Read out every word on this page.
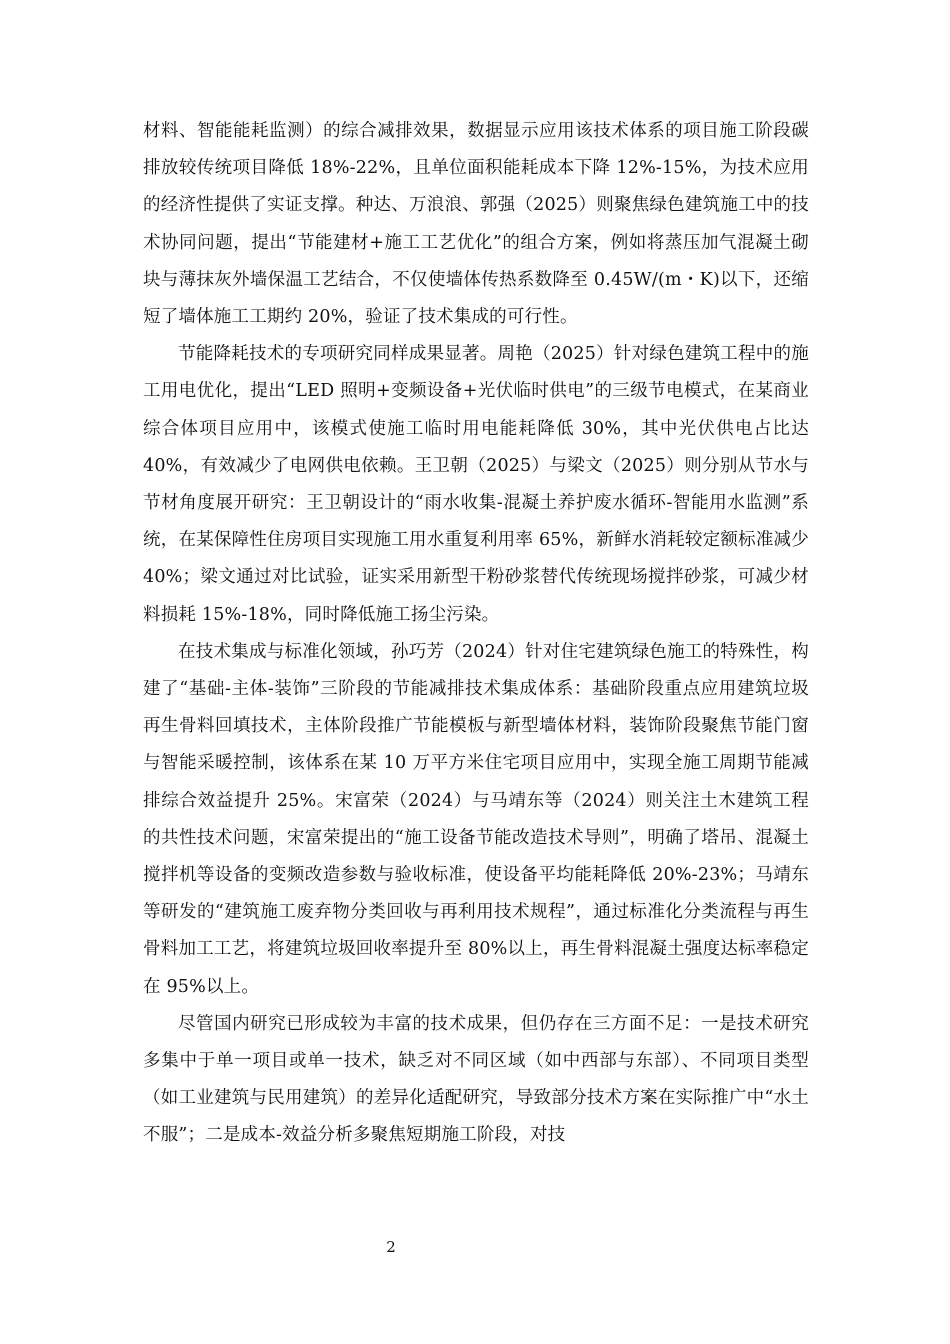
材料、智能能耗监测）的综合减排效果，数据显示应用该技术体系的项目施工阶段碳排放较传统项目降低 18%-22%，且单位面积能耗成本下降 12%-15%，为技术应用的经济性提供了实证支撑。种达、万浪浪、郭强（2025）则聚焦绿色建筑施工中的技术协同问题，提出“节能建材+施工工艺优化”的组合方案，例如将蒸压加气混凝土砌块与薄抹灰外墙保温工艺结合，不仅使墙体传热系数降至 0.45W/(m・K)以下，还缩短了墙体施工工期约 20%，验证了技术集成的可行性。

节能降耗技术的专项研究同样成果显著。周艳（2025）针对绿色建筑工程中的施工用电优化，提出“LED 照明+变频设备+光伏临时供电”的三级节电模式，在某商业综合体项目应用中，该模式使施工临时用电能耗降低 30%，其中光伏供电占比达 40%，有效减少了电网供电依赖。王卫朝（2025）与梁文（2025）则分别从节水与节材角度展开研究：王卫朝设计的“雨水收集-混凝土养护废水循环-智能用水监测”系统，在某保障性住房项目实现施工用水重复利用率 65%，新鲜水消耗较定额标准减少 40%；梁文通过对比试验，证实采用新型干粉砂浆替代传统现场搅拌砂浆，可减少材料损耗 15%-18%，同时降低施工扬尘污染。

在技术集成与标准化领域，孙巧芳（2024）针对住宅建筑绿色施工的特殊性，构建了“基础-主体-装饰”三阶段的节能减排技术集成体系：基础阶段重点应用建筑垃圾再生骨料回填技术，主体阶段推广节能模板与新型墙体材料，装饰阶段聚焦节能门窗与智能采暖控制，该体系在某 10 万平方米住宅项目应用中，实现全施工周期节能减排综合效益提升 25%。宋富荣（2024）与马靖东等（2024）则关注土木建筑工程的共性技术问题，宋富荣提出的“施工设备节能改造技术导则”，明确了塔吊、混凝土搅拌机等设备的变频改造参数与验收标准，使设备平均能耗降低 20%-23%；马靖东等研发的“建筑施工废弃物分类回收与再利用技术规程”，通过标准化分类流程与再生骨料加工工艺，将建筑垃圾回收率提升至 80%以上，再生骨料混凝土强度达标率稳定在 95%以上。

尽管国内研究已形成较为丰富的技术成果，但仍存在三方面不足：一是技术研究多集中于单一项目或单一技术，缺乏对不同区域（如中西部与东部）、不同项目类型（如工业建筑与民用建筑）的差异化适配研究，导致部分技术方案在实际推广中“水土不服”；二是成本-效益分析多聚焦短期施工阶段，对技

2
